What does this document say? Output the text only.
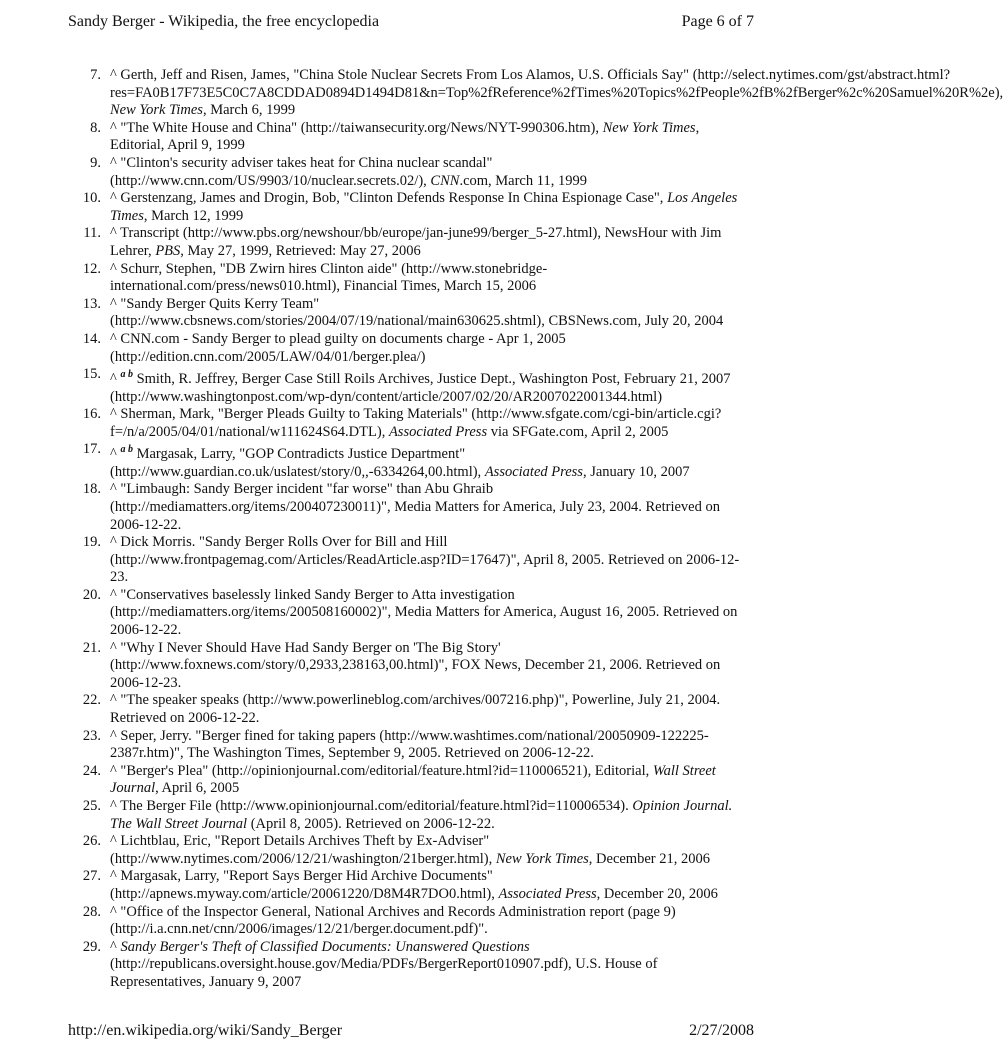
Sandy Berger - Wikipedia, the free encyclopedia	Page 6 of 7
7. ^ Gerth, Jeff and Risen, James, "China Stole Nuclear Secrets From Los Alamos, U.S. Officials Say" (http://select.nytimes.com/gst/abstract.html?res=FA0B17F73E5C0C7A8CDDAD0894D1494D81&n=Top%2fReference%2fTimes%20Topics%2fPeople%2fB%2fBerger%2c%20Samuel%20R%2e), New York Times, March 6, 1999
8. ^ "The White House and China" (http://taiwansecurity.org/News/NYT-990306.htm), New York Times, Editorial, April 9, 1999
9. ^ "Clinton's security adviser takes heat for China nuclear scandal" (http://www.cnn.com/US/9903/10/nuclear.secrets.02/), CNN.com, March 11, 1999
10. ^ Gerstenzang, James and Drogin, Bob, "Clinton Defends Response In China Espionage Case", Los Angeles Times, March 12, 1999
11. ^ Transcript (http://www.pbs.org/newshour/bb/europe/jan-june99/berger_5-27.html), NewsHour with Jim Lehrer, PBS, May 27, 1999, Retrieved: May 27, 2006
12. ^ Schurr, Stephen, "DB Zwirn hires Clinton aide" (http://www.stonebridge-international.com/press/news010.html), Financial Times, March 15, 2006
13. ^ "Sandy Berger Quits Kerry Team" (http://www.cbsnews.com/stories/2004/07/19/national/main630625.shtml), CBSNews.com, July 20, 2004
14. ^ CNN.com - Sandy Berger to plead guilty on documents charge - Apr 1, 2005 (http://edition.cnn.com/2005/LAW/04/01/berger.plea/)
15. ^ $^{a b}$ Smith, R. Jeffrey, Berger Case Still Roils Archives, Justice Dept., Washington Post, February 21, 2007 (http://www.washingtonpost.com/wp-dyn/content/article/2007/02/20/AR2007022001344.html)
16. ^ Sherman, Mark, "Berger Pleads Guilty to Taking Materials" (http://www.sfgate.com/cgi-bin/article.cgi?f=/n/a/2005/04/01/national/w111624S64.DTL), Associated Press via SFGate.com, April 2, 2005
17. ^ $^{a b}$ Margasak, Larry, "GOP Contradicts Justice Department" (http://www.guardian.co.uk/uslatest/story/0,,-6334264,00.html), Associated Press, January 10, 2007
18. ^ "Limbaugh: Sandy Berger incident "far worse" than Abu Ghraib (http://mediamatters.org/items/200407230011)", Media Matters for America, July 23, 2004. Retrieved on 2006-12-22.
19. ^ Dick Morris. "Sandy Berger Rolls Over for Bill and Hill (http://www.frontpagemag.com/Articles/ReadArticle.asp?ID=17647)", April 8, 2005. Retrieved on 2006-12-23.
20. ^ "Conservatives baselessly linked Sandy Berger to Atta investigation (http://mediamatters.org/items/200508160002)", Media Matters for America, August 16, 2005. Retrieved on 2006-12-22.
21. ^ "Why I Never Should Have Had Sandy Berger on 'The Big Story' (http://www.foxnews.com/story/0,2933,238163,00.html)", FOX News, December 21, 2006. Retrieved on 2006-12-23.
22. ^ "The speaker speaks (http://www.powerlineblog.com/archives/007216.php)", Powerline, July 21, 2004. Retrieved on 2006-12-22.
23. ^ Seper, Jerry. "Berger fined for taking papers (http://www.washtimes.com/national/20050909-122225-2387r.htm)", The Washington Times, September 9, 2005. Retrieved on 2006-12-22.
24. ^ "Berger's Plea" (http://opinionjournal.com/editorial/feature.html?id=110006521), Editorial, Wall Street Journal, April 6, 2005
25. ^ The Berger File (http://www.opinionjournal.com/editorial/feature.html?id=110006534). Opinion Journal. The Wall Street Journal (April 8, 2005). Retrieved on 2006-12-22.
26. ^ Lichtblau, Eric, "Report Details Archives Theft by Ex-Adviser" (http://www.nytimes.com/2006/12/21/washington/21berger.html), New York Times, December 21, 2006
27. ^ Margasak, Larry, "Report Says Berger Hid Archive Documents" (http://apnews.myway.com/article/20061220/D8M4R7DO0.html), Associated Press, December 20, 2006
28. ^ "Office of the Inspector General, National Archives and Records Administration report (page 9) (http://i.a.cnn.net/cnn/2006/images/12/21/berger.document.pdf)".
29. ^ Sandy Berger's Theft of Classified Documents: Unanswered Questions (http://republicans.oversight.house.gov/Media/PDFs/BergerReport010907.pdf), U.S. House of Representatives, January 9, 2007
http://en.wikipedia.org/wiki/Sandy_Berger	2/27/2008
